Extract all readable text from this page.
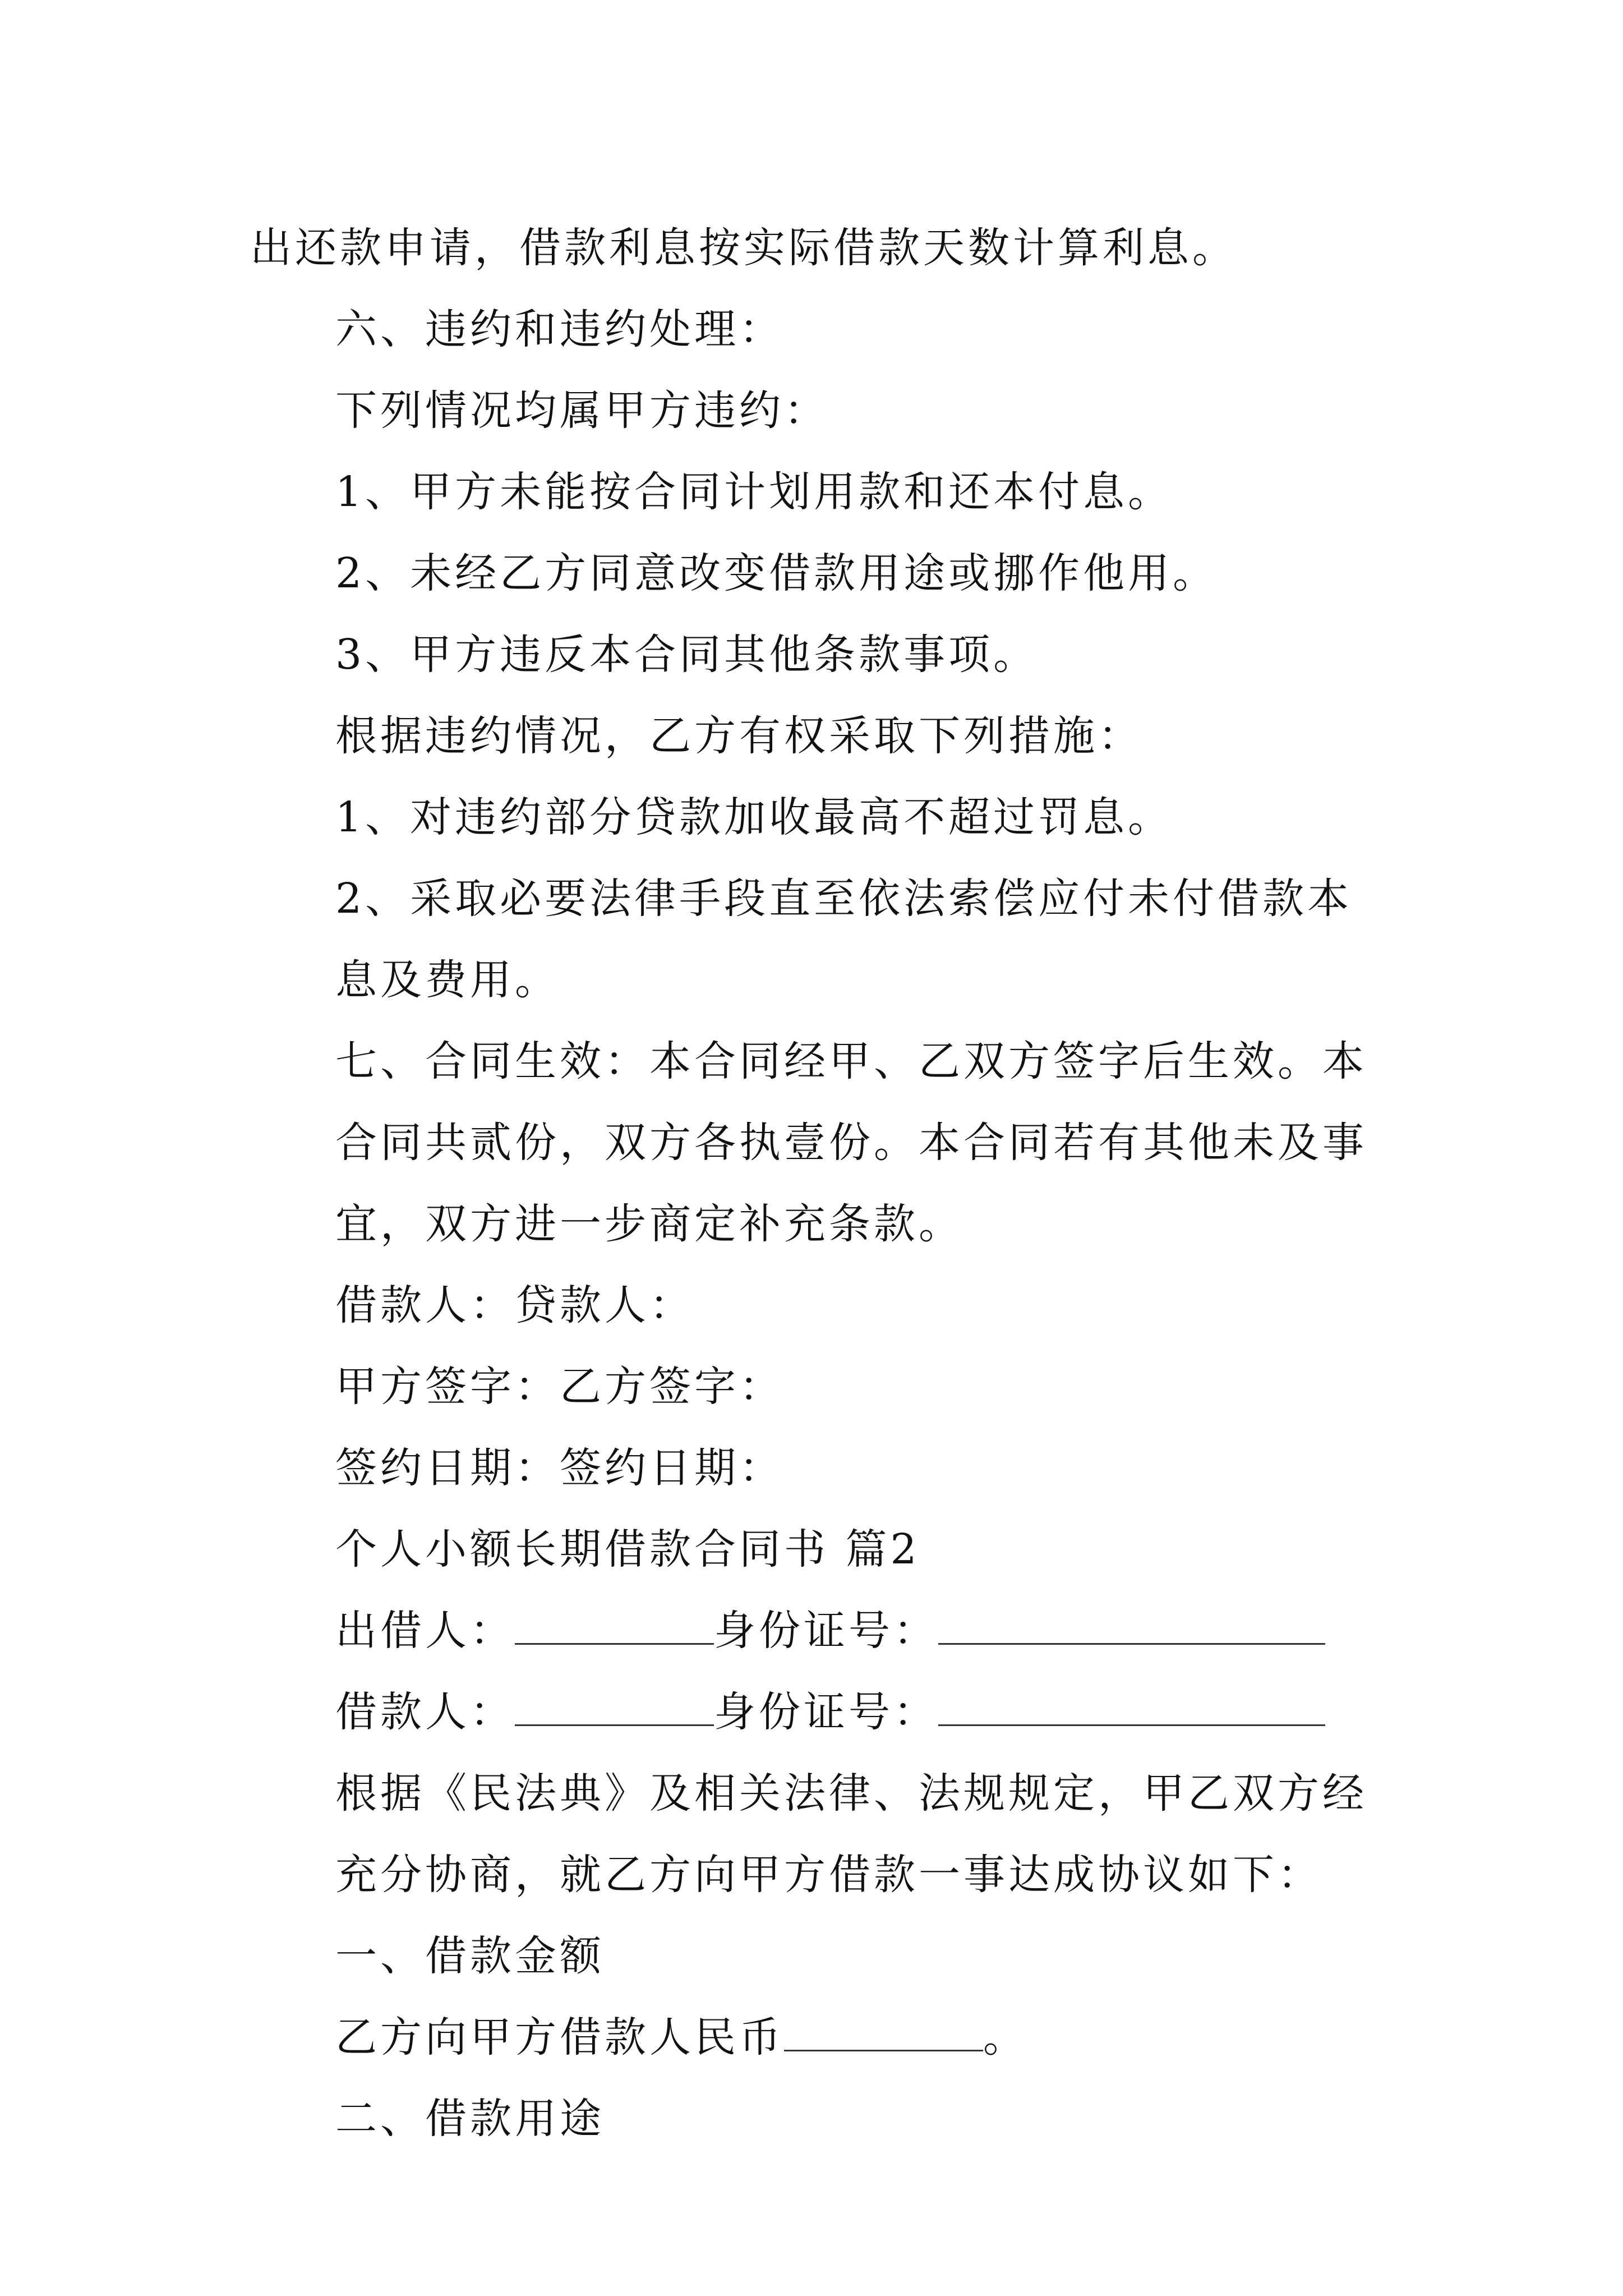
出还款申请，借款利息按实际借款天数计算利息。

六、违约和违约处理：

下列情况均属甲方违约：

1、甲方未能按合同计划用款和还本付息。

2、未经乙方同意改变借款用途或挪作他用。

3、甲方违反本合同其他条款事项。

根据违约情况，乙方有权采取下列措施：

1、对违约部分贷款加收最高不超过罚息。

2、采取必要法律手段直至依法索偿应付未付借款本息及费用。

七、合同生效：本合同经甲、乙双方签字后生效。本合同共贰份，双方各执壹份。本合同若有其他未及事宜，双方进一步商定补充条款。

借款人：贷款人：

甲方签字：乙方签字：

签约日期：签约日期：

个人小额长期借款合同书 篇2

出借人：	身份证号：

借款人：	身份证号：

根据《民法典》及相关法律、法规规定，甲乙双方经充分协商，就乙方向甲方借款一事达成协议如下：

一、借款金额

乙方向甲方借款人民币	。

二、借款用途
